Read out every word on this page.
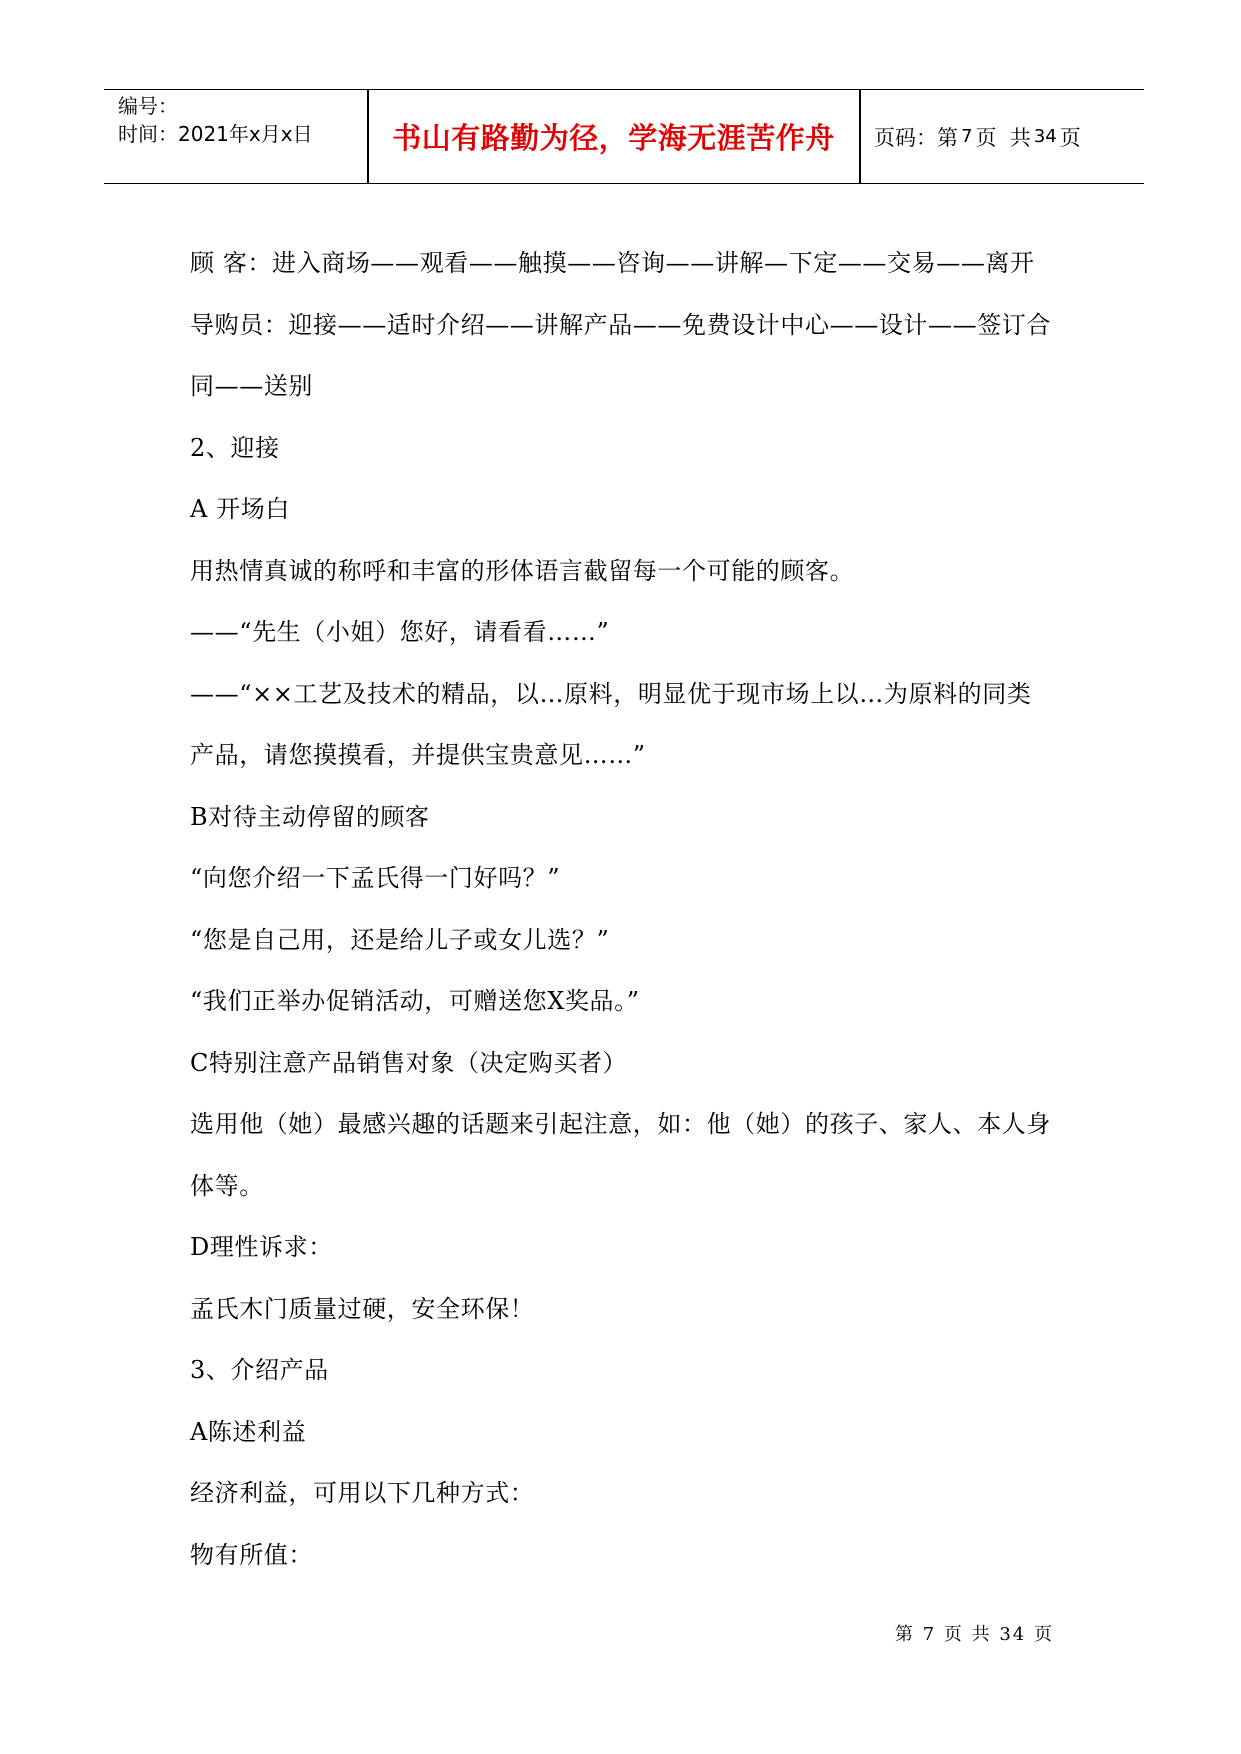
编号：
时间：2021年x月x日	书山有路勤为径，学海无涯苦作舟 页码：第 7 页  共 34 页
顾 客：进入商场——观看——触摸——咨询——讲解—下定——交易——离开
导购员：迎接——适时介绍——讲解产品——免费设计中心——设计——签订合
同——送别
2、迎接
A 开场白
用热情真诚的称呼和丰富的形体语言截留每一个可能的顾客。
——“先生（小姐）您好，请看看……”
——“××工艺及技术的精品，以…原料，明显优于现市场上以…为原料的同类
产品，请您摸摸看，并提供宝贵意见……”
B对待主动停留的顾客
“向您介绍一下孟氏得一门好吗？”
“您是自己用，还是给儿子或女儿选？”
“我们正举办促销活动，可赠送您X奖品。”
C特别注意产品销售对象（决定购买者）
选用他（她）最感兴趣的话题来引起注意，如：他（她）的孩子、家人、本人身
体等。
D理性诉求：
孟氏木门质量过硬，安全环保！
3、介绍产品
A陈述利益
经济利益，可用以下几种方式：
物有所值：
第 7 页 共 34 页
